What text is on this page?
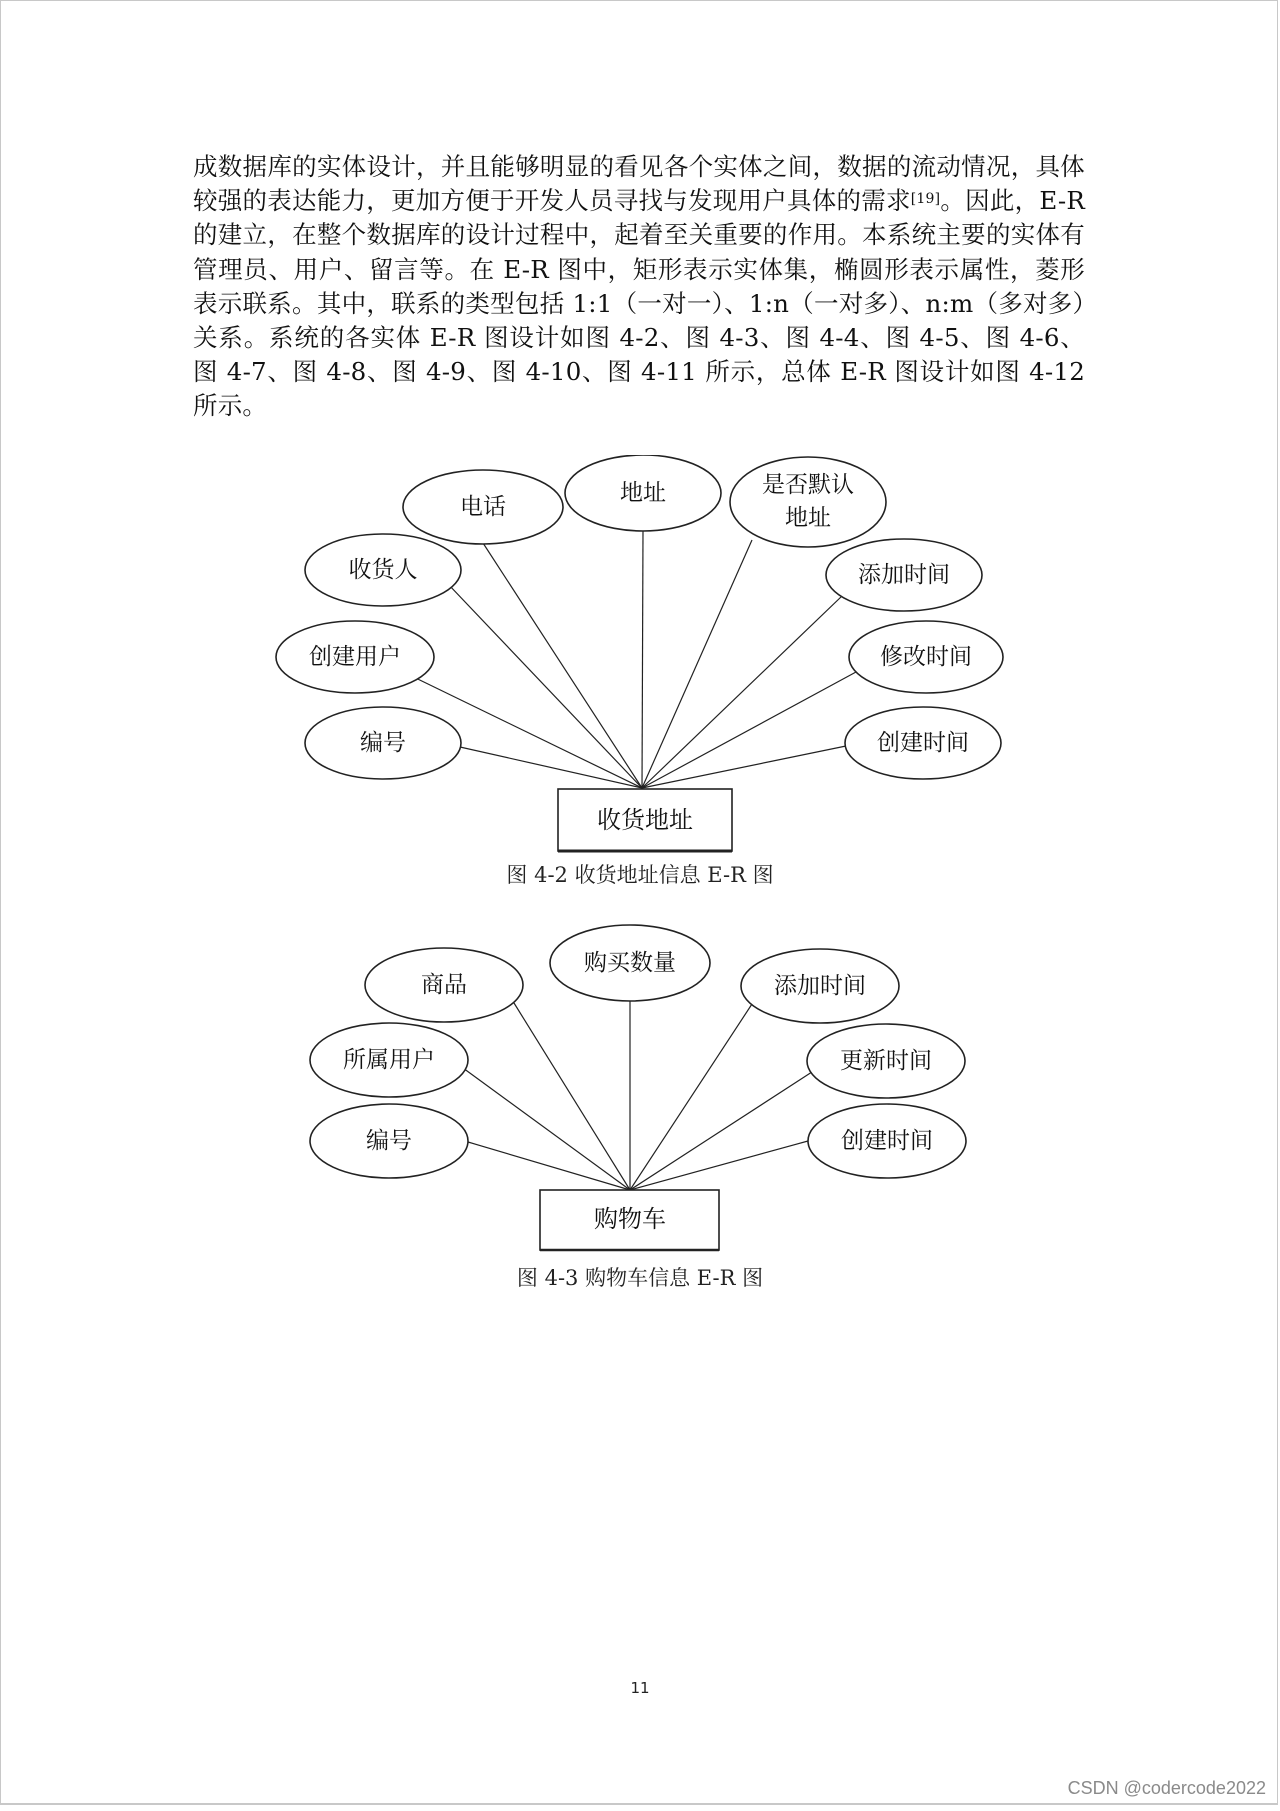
成数据库的实体设计，并且能够明显的看见各个实体之间，数据的流动情况，具体较强的表达能力，更加方便于开发人员寻找与发现用户具体的需求[19]。因此，E-R 的建立，在整个数据库的设计过程中，起着至关重要的作用。本系统主要的实体有管理员、用户、留言等。在 E-R 图中，矩形表示实体集，椭圆形表示属性，菱形表示联系。其中，联系的类型包括 1:1（一对一）、1:n（一对多）、n:m（多对多）关系。系统的各实体 E-R 图设计如图 4-2、图 4-3、图 4-4、图 4-5、图 4-6、图 4-7、图 4-8、图 4-9、图 4-10、图 4-11 所示，总体 E-R 图设计如图 4-12 所示。

电话
地址	是否默认
地址
收货人	添加时间
创建用户	修改时间
编号	创建时间
收货地址
图 4-2 收货地址信息 E-R 图
商品
购买数量
添加时间
所属用户	更新时间
编号	创建时间
购物车
图 4-3 购物车信息 E-R 图
11
CSDN @codercode2022
